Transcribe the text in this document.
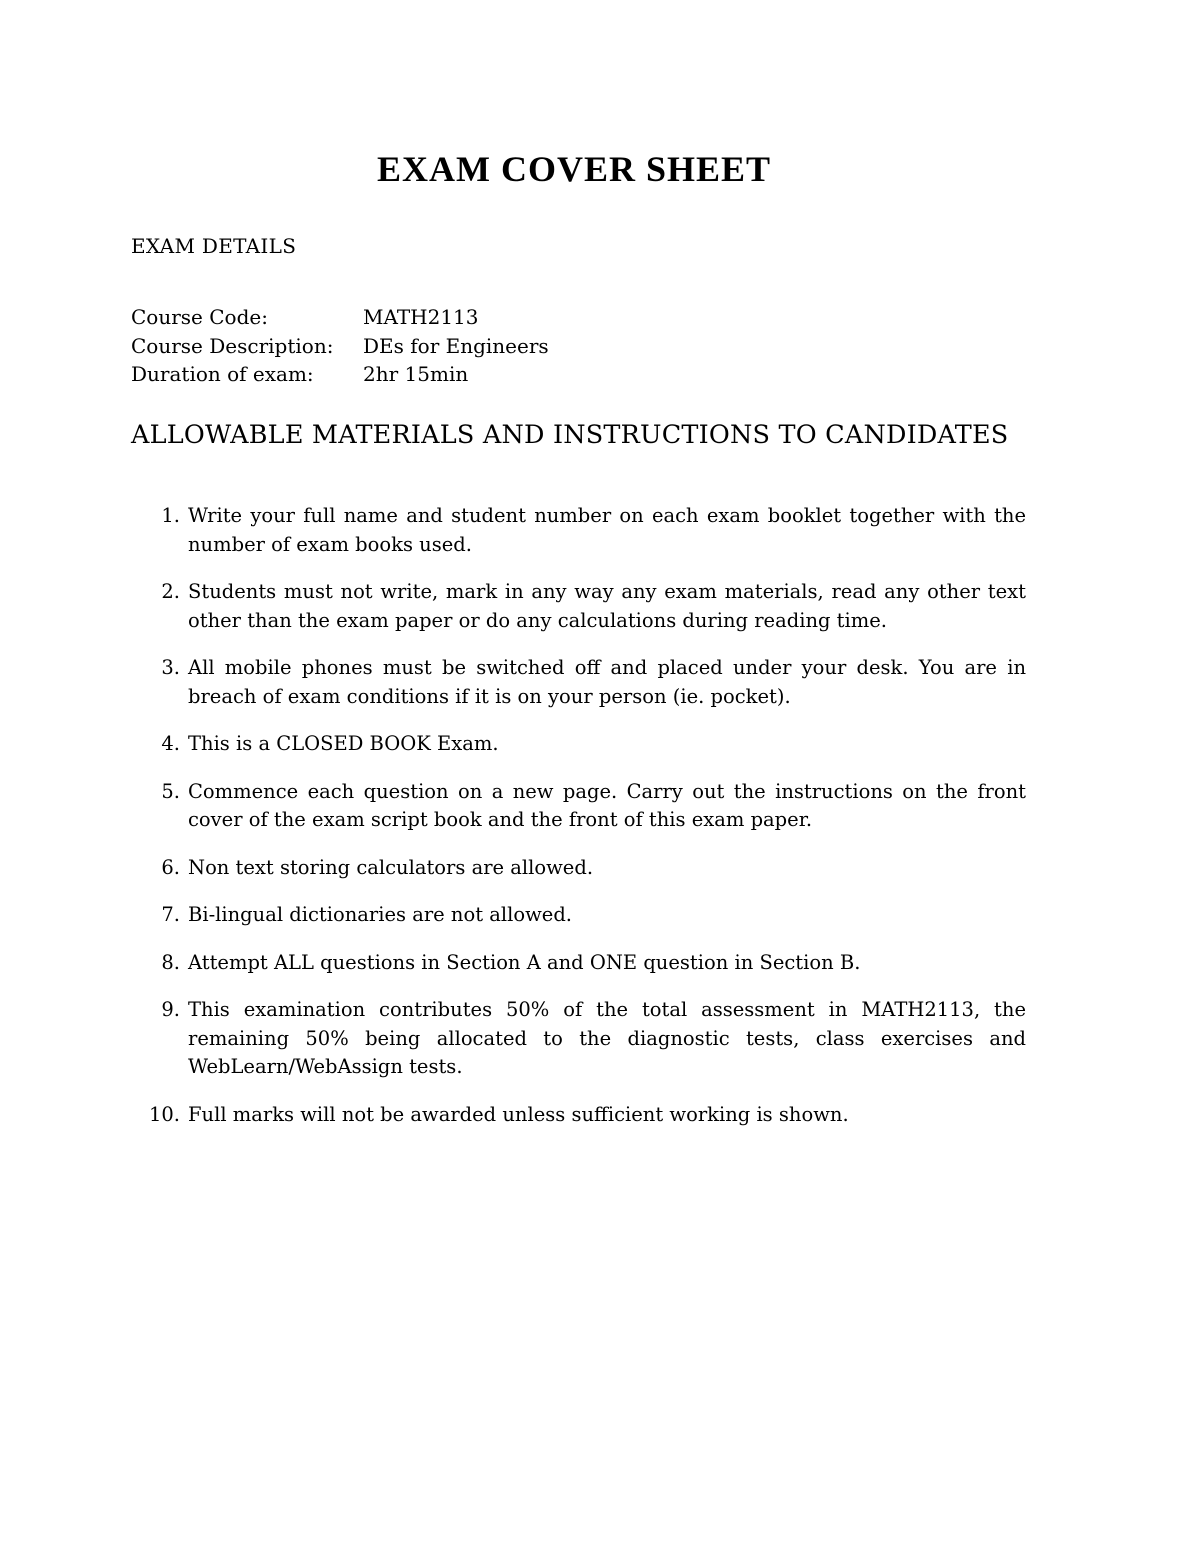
EXAM COVER SHEET
EXAM DETAILS
Course Code:	MATH2113
Course Description:	DEs for Engineers
Duration of exam:	2hr 15min
ALLOWABLE MATERIALS AND INSTRUCTIONS TO CANDIDATES
1. Write your full name and student number on each exam booklet together with the number of exam books used.
2. Students must not write, mark in any way any exam materials, read any other text other than the exam paper or do any calculations during reading time.
3. All mobile phones must be switched off and placed under your desk. You are in breach of exam conditions if it is on your person (ie. pocket).
4. This is a CLOSED BOOK Exam.
5. Commence each question on a new page. Carry out the instructions on the front cover of the exam script book and the front of this exam paper.
6. Non text storing calculators are allowed.
7. Bi-lingual dictionaries are not allowed.
8. Attempt ALL questions in Section A and ONE question in Section B.
9. This examination contributes 50% of the total assessment in MATH2113, the remaining 50% being allocated to the diagnostic tests, class exercises and WebLearn/WebAssign tests.
10. Full marks will not be awarded unless sufficient working is shown.
